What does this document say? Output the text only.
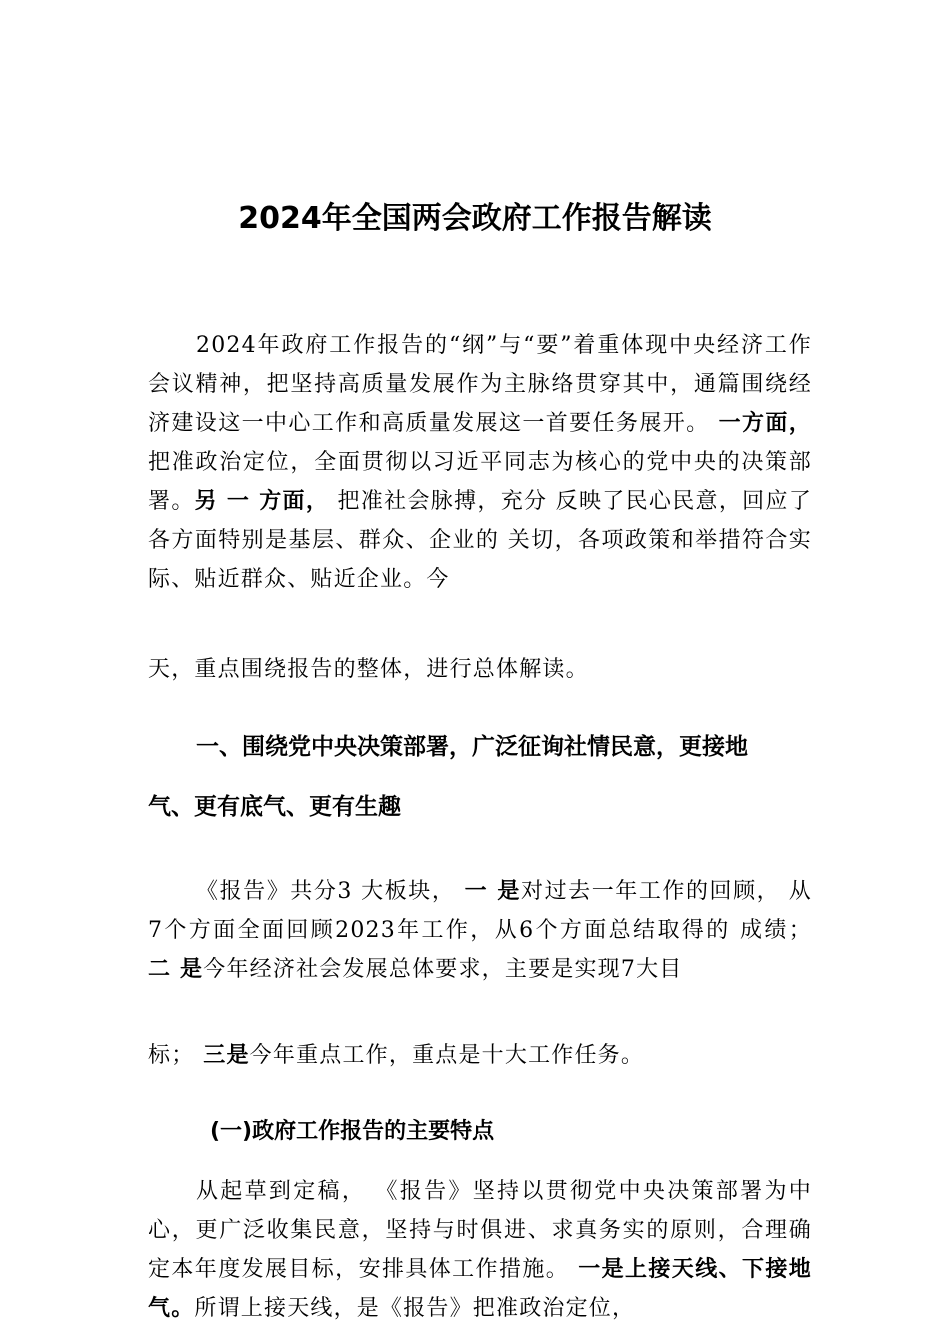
2024年全国两会政府工作报告解读

2024年政府工作报告的“纲”与“要”着重体现中央经济工作会议精神，把坚持高质量发展作为主脉络贯穿其中，通篇围绕经济建设这一中心工作和高质量发展这一首要任务展开。 一方面， 把准政治定位，全面贯彻以习近平同志为核心的党中央的决策部署。另 一 方面， 把准社会脉搏，充分 反映了民心民意，回应了各方面特别是基层、群众、企业的 关切，各项政策和举措符合实际、贴近群众、贴近企业。今

天，重点围绕报告的整体，进行总体解读。

一、围绕党中央决策部署，广泛征询社情民意，更接地
气、更有底气、更有生趣

《报告》共分3 大板块， 一 是对过去一年工作的回顾， 从7个方面全面回顾2023年工作，从6个方面总结取得的 成绩； 二 是今年经济社会发展总体要求，主要是实现7大目

标； 三是今年重点工作，重点是十大工作任务。

(一)政府工作报告的主要特点

从起草到定稿， 《报告》坚持以贯彻党中央决策部署为中心，更广泛收集民意，坚持与时俱进、求真务实的原则，合理确定本年度发展目标，安排具体工作措施。 一是上接天线、下接地气。所谓上接天线，是《报告》把准政治定位，
